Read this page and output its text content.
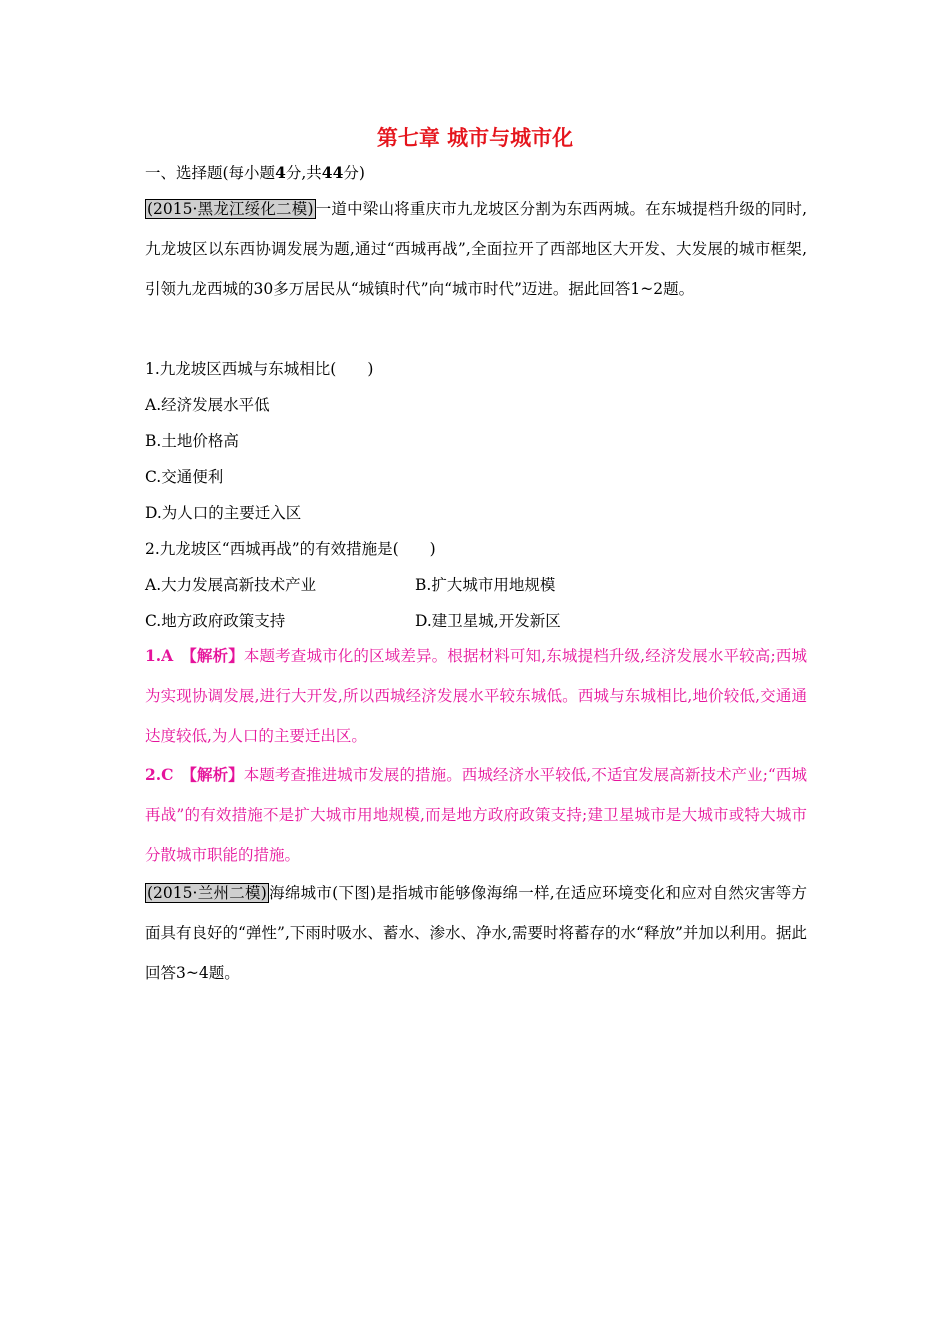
第七章 城市与城市化
一、选择题(每小题4分,共44分)
(2015·黑龙江绥化二模) 一道中梁山将重庆市九龙坡区分割为东西两城。在东城提档升级的同时,九龙坡区以东西协调发展为题,通过“西城再战”,全面拉开了西部地区大开发、大发展的城市框架,引领九龙西城的30多万居民从“城镇时代”向“城市时代”迈进。据此回答1~2题。
1.九龙坡区西城与东城相比(　　)
A.经济发展水平低
B.土地价格高
C.交通便利
D.为人口的主要迁入区
2.九龙坡区“西城再战”的有效措施是(　　)
A.大力发展高新技术产业	B.扩大城市用地规模
C.地方政府政策支持	D.建卫星城,开发新区
1.A　【解析】本题考查城市化的区域差异。根据材料可知,东城提档升级,经济发展水平较高;西城为实现协调发展,进行大开发,所以西城经济发展水平较东城低。西城与东城相比,地价较低,交通通达度较低,为人口的主要迁出区。
2.C　【解析】本题考查推进城市发展的措施。西城经济水平较低,不适宜发展高新技术产业;“西城再战”的有效措施不是扩大城市用地规模,而是地方政府政策支持;建卫星城市是大城市或特大城市分散城市职能的措施。
(2015·兰州二模) 海绵城市(下图)是指城市能够像海绵一样,在适应环境变化和应对自然灾害等方面具有良好的“弹性”,下雨时吸水、蓄水、渗水、净水,需要时将蓄存的水“释放”并加以利用。据此回答3~4题。
